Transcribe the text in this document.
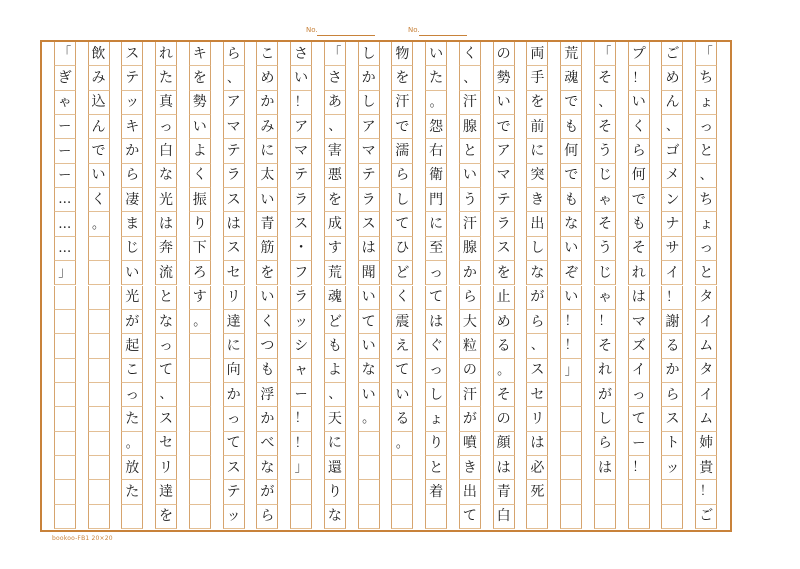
No.	No.
「
ち
ょ
っ
と
、
ち
ょ
っ
と
タ
イ
ム
タ
イ
ム
姉
貴
！
ご
ご
め
ん
、
ゴ
メ
ン
ナ
サ
イ
！
謝
る
か
ら
ス
ト
ッ
プ
！
い
く
ら
何
で
も
そ
れ
は
マ
ズ
イ
っ
て
ー
！
「
そ
、
そ
う
じ
ゃ
そ
う
じ
ゃ
！
そ
れ
が
し
ら
は
荒
魂
で
も
何
で
も
な
い
ぞ
い
！
！
」
両
手
を
前
に
突
き
出
し
な
が
ら
、
ス
セ
リ
は
必
死
の
勢
い
で
ア
マ
テ
ラ
ス
を
止
め
る
。
そ
の
顔
は
青
白
く
、
汗
腺
と
い
う
汗
腺
か
ら
大
粒
の
汗
が
噴
き
出
て
い
た
。
怨
右
衛
門
に
至
っ
て
は
ぐ
っ
し
ょ
り
と
着
物
を
汗
で
濡
ら
し
て
ひ
ど
く
震
え
て
い
る
。
し
か
し
ア
マ
テ
ラ
ス
は
聞
い
て
い
な
い
。
「
さ
あ
、
害
悪
を
成
す
荒
魂
ど
も
よ
、
天
に
還
り
な
さ
い
！
ア
マ
テ
ラ
ス
・
フ
ラ
ッ
シ
ャ
ー
！
！
」
こ
め
か
み
に
太
い
青
筋
を
い
く
つ
も
浮
か
べ
な
が
ら
ら
、
ア
マ
テ
ラ
ス
は
ス
セ
リ
達
に
向
か
っ
て
ス
テ
ッ
キ
を
勢
い
よ
く
振
り
下
ろ
す
。
れ
た
真
っ
白
な
光
は
奔
流
と
な
っ
て
、
ス
セ
リ
達
を
ス
テ
ッ
キ
か
ら
凄
ま
じ
い
光
が
起
こ
っ
た
。
放
た
飲
み
込
ん
で
い
く
。
「
ぎ
ゃ
ー
ー
ー
…
…
…
」
bookoo-FB1 20×20
